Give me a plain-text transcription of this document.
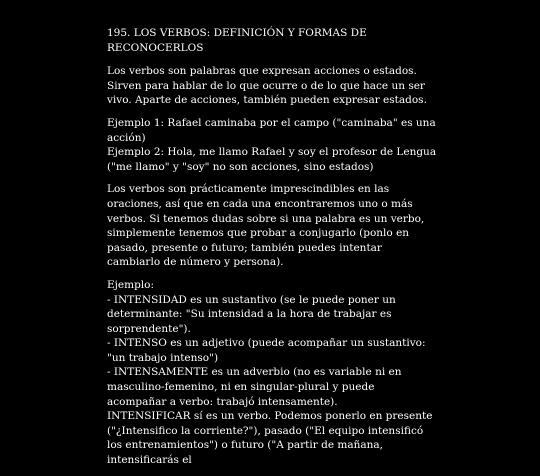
195. LOS VERBOS: DEFINICIÓN Y FORMAS DE RECONOCERLOS

Los verbos son palabras que expresan acciones o estados. Sirven para hablar de lo que ocurre o de lo que hace un ser vivo. Aparte de acciones, también pueden expresar estados.

Ejemplo 1: Rafael caminaba por el campo ("caminaba" es una acción)
Ejemplo 2: Hola, me llamo Rafael y soy el profesor de Lengua ("me llamo" y "soy" no son acciones, sino estados)

Los verbos son prácticamente imprescindibles en las oraciones, así que en cada una encontraremos uno o más verbos. Si tenemos dudas sobre si una palabra es un verbo, simplemente tenemos que probar a conjugarlo (ponlo en pasado, presente o futuro; también puedes intentar cambiarlo de número y persona).

Ejemplo:
- INTENSIDAD es un sustantivo (se le puede poner un determinante: "Su intensidad a la hora de trabajar es sorprendente").
- INTENSO es un adjetivo (puede acompañar un sustantivo: "un trabajo intenso")
- INTENSAMENTE es un adverbio (no es variable ni en masculino-femenino, ni en singular-plural y puede acompañar a verbo: trabajó intensamente).
INTENSIFICAR sí es un verbo. Podemos ponerlo en presente ("¿Intensifico la corriente?"), pasado ("El equipo intensificó los entrenamientos") o futuro ("A partir de mañana, intensificarás el
